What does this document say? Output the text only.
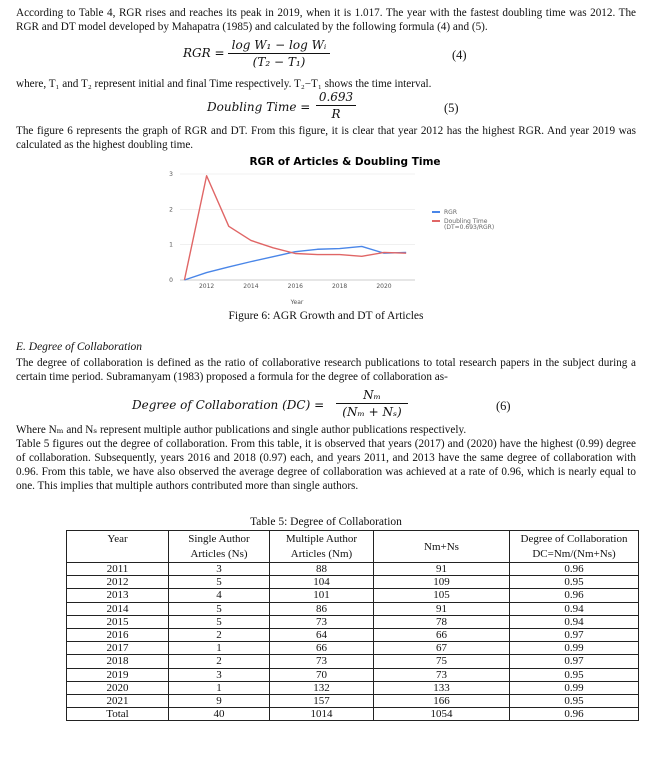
According to Table 4, RGR rises and reaches its peak in 2019, when it is 1.017. The year with the fastest doubling time was 2012. The RGR and DT model developed by Mahapatra (1985) and calculated by the following formula (4) and (5).

RGR =
log W₁ − log Wᵢ
(T₂ − T₁)	(4)

where, T₁ and T₂ represent initial and final Time respectively. T₂−T₁ shows the time interval.

Doubling Time =
0.693
R	(5)

The figure 6 represents the graph of RGR and DT. From this figure, it is clear that year 2012 has the highest RGR. And year 2019 was calculated as the highest doubling time.

RGR of Articles & Doubling Time
0
1
2
3
2012	2014	2016	2018	2020
Year
RGR
Doubling Time (DT=0.693/RGR)
Figure 6: AGR Growth and DT of Articles
E. Degree of Collaboration

The degree of collaboration is defined as the ratio of collaborative research publications to total research papers in the subject during a certain time period. Subramanyam (1983) proposed a formula for the degree of collaboration as-

Degree of Collaboration (DC) =
Nₘ
(Nₘ + Nₛ)	(6)

Where Nₘ and Nₛ represent multiple author publications and single author publications respectively.

Table 5 figures out the degree of collaboration. From this table, it is observed that years (2017) and (2020) have the highest (0.99) degree of collaboration. Subsequently, years 2016 and 2018 (0.97) each, and years 2011, and 2013 have the same degree of collaboration with 0.96. From this table, we have also observed the average degree of collaboration was achieved at a rate of 0.96, which is nearly equal to one. This implies that multiple authors contributed more than single authors.

Table 5: Degree of Collaboration
Year	Single Author Articles (Ns)	Multiple Author Articles (Nm)	Nm+Ns	Degree of Collaboration DC=Nm/(Nm+Ns)
2011	3	88	91	0.96
2012	5	104	109	0.95
2013	4	101	105	0.96
2014	5	86	91	0.94
2015	5	73	78	0.94
2016	2	64	66	0.97
2017	1	66	67	0.99
2018	2	73	75	0.97
2019	3	70	73	0.95
2020	1	132	133	0.99
2021	9	157	166	0.95
Total	40	1014	1054	0.96
